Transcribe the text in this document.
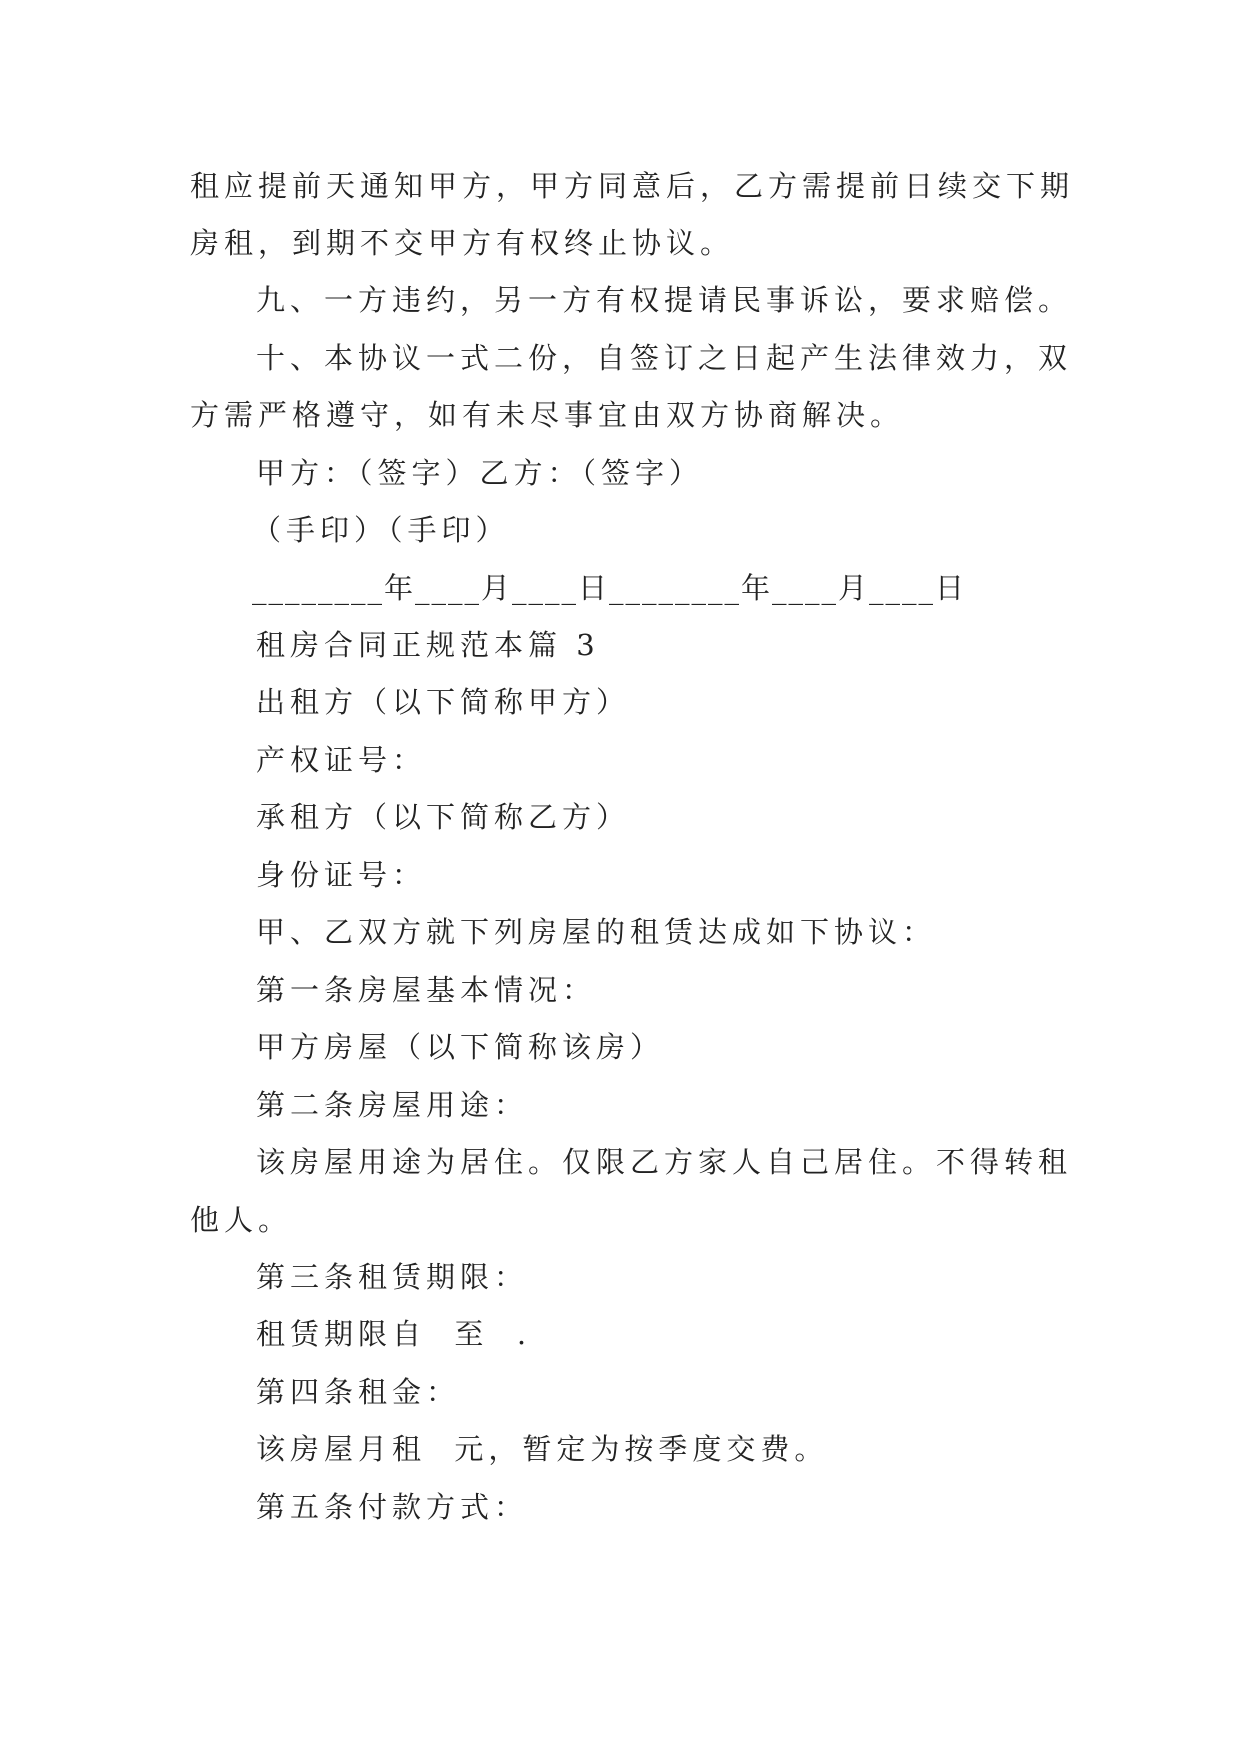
租应提前天通知甲方，甲方同意后，乙方需提前日续交下期
房租，到期不交甲方有权终止协议。
九、一方违约，另一方有权提请民事诉讼，要求赔偿。
十、本协议一式二份，自签订之日起产生法律效力，双
方需严格遵守，如有未尽事宜由双方协商解决。
甲方：（签字）乙方：（签字）
（手印）（手印）
________年____月____日________年____月____日
租房合同正规范本篇 3
出租方（以下简称甲方）
产权证号：
承租方（以下简称乙方）
身份证号：
甲、乙双方就下列房屋的租赁达成如下协议：
第一条房屋基本情况：
甲方房屋（以下简称该房）
第二条房屋用途：
该房屋用途为居住。仅限乙方家人自己居住。不得转租
他人。
第三条租赁期限：
租赁期限自  至  .
第四条租金：
该房屋月租  元，暂定为按季度交费。
第五条付款方式：
